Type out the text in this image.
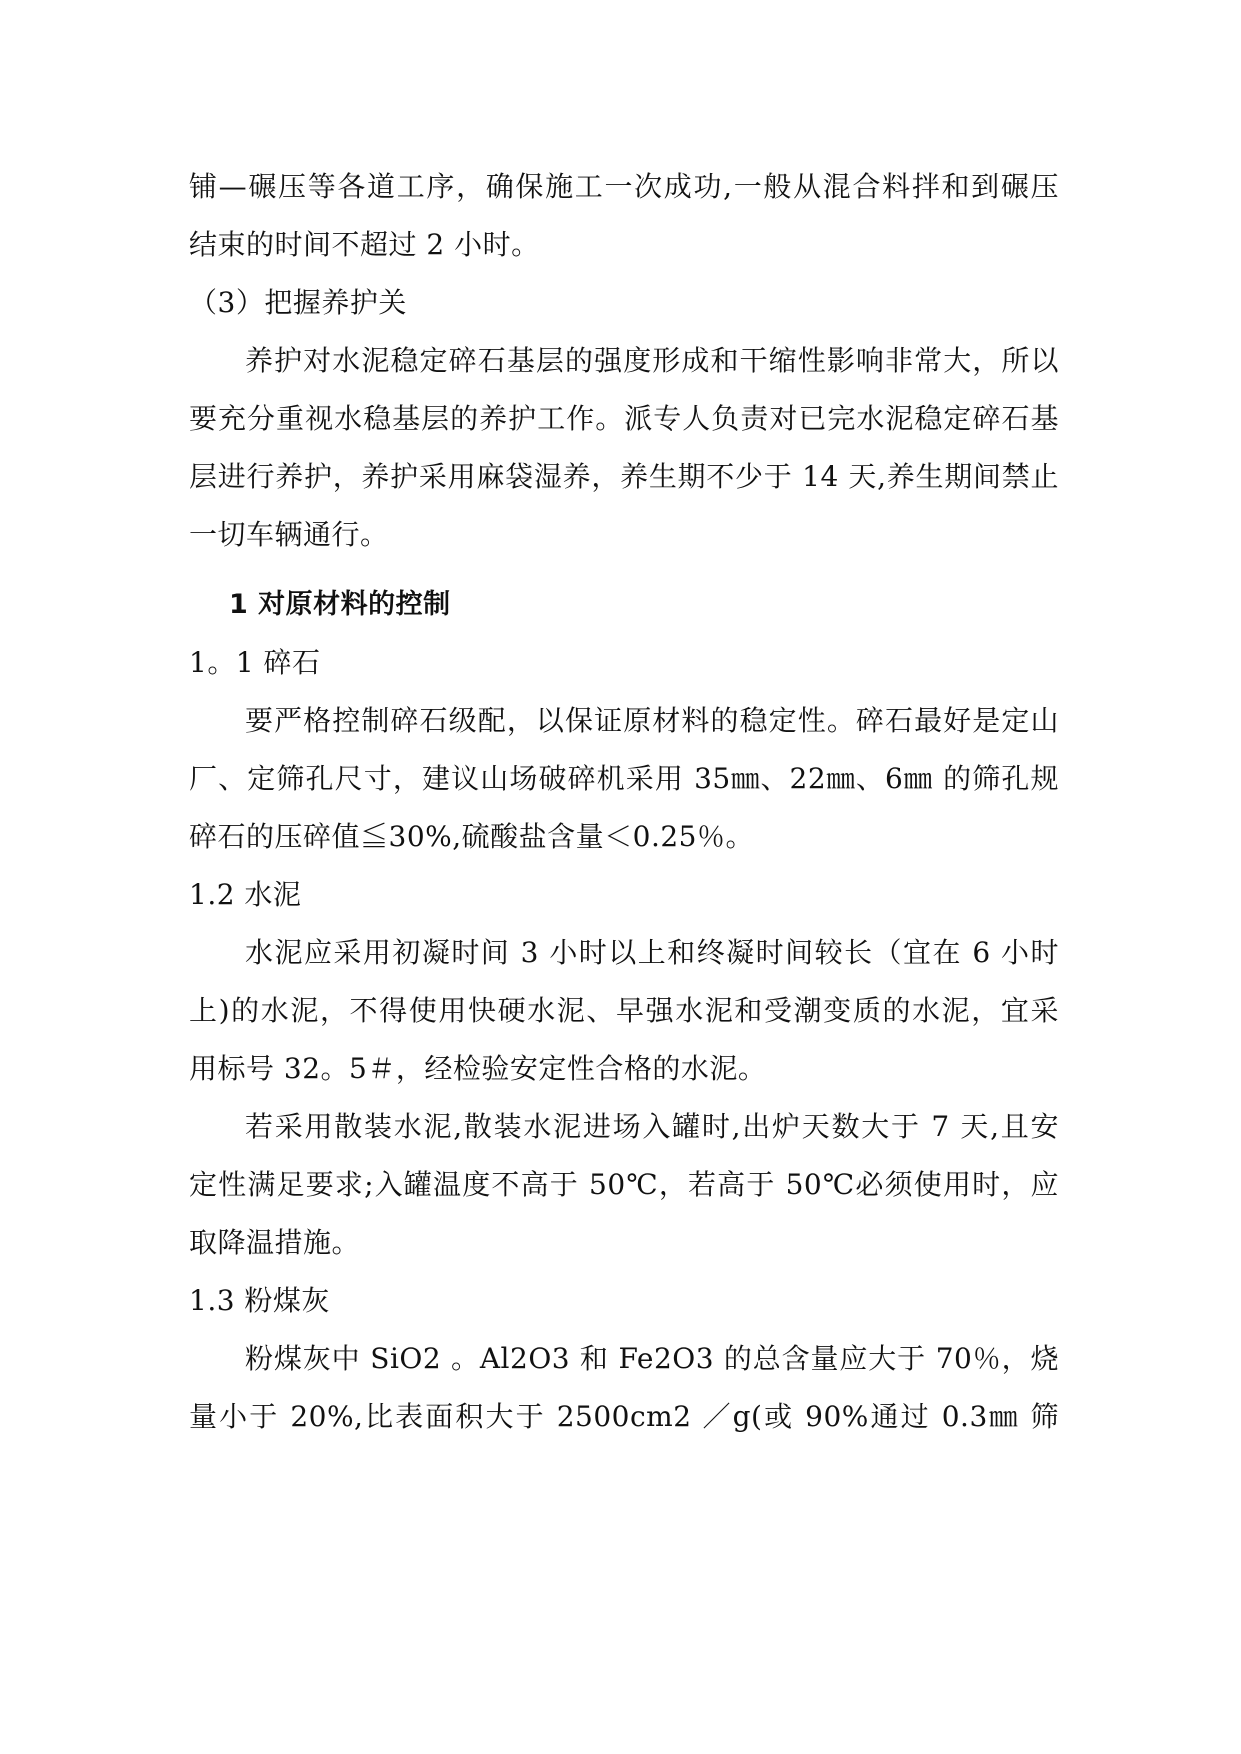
铺—碾压等各道工序，确保施工一次成功,一般从混合料拌和到碾压
结束的时间不超过 2 小时。
（3）把握养护关
养护对水泥稳定碎石基层的强度形成和干缩性影响非常大，所以
要充分重视水稳基层的养护工作。派专人负责对已完水泥稳定碎石基
层进行养护，养护采用麻袋湿养，养生期不少于 14 天,养生期间禁止
一切车辆通行。
1 对原材料的控制
1。1 碎石
要严格控制碎石级配，以保证原材料的稳定性。碎石最好是定山
厂、定筛孔尺寸，建议山场破碎机采用 35㎜、22㎜、6㎜ 的筛孔规
碎石的压碎值≦30%,硫酸盐含量＜0.25％。
1.2 水泥
水泥应采用初凝时间 3 小时以上和终凝时间较长（宜在 6 小时
上)的水泥，不得使用快硬水泥、早强水泥和受潮变质的水泥，宜采
用标号 32。5＃，经检验安定性合格的水泥。
若采用散装水泥,散装水泥进场入罐时,出炉天数大于 7 天,且安
定性满足要求;入罐温度不高于 50℃，若高于 50℃必须使用时，应
取降温措施。
1.3 粉煤灰
粉煤灰中 SiO2 。Al2O3 和 Fe2O3 的总含量应大于 70％，烧
量小于 20%,比表面积大于 2500cm2 ／g(或 90%通过 0.3㎜ 筛
